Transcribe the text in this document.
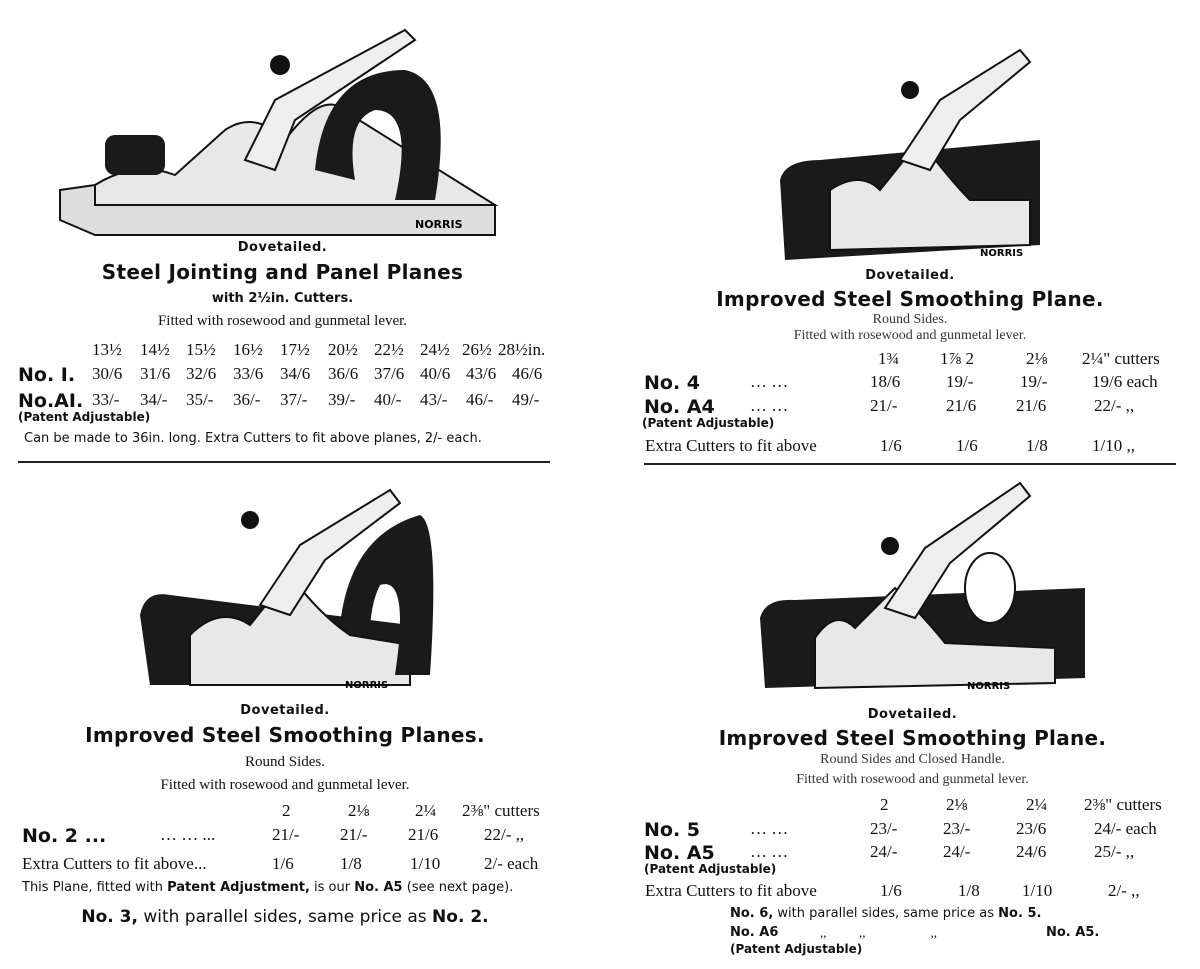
NORRIS
NORRIS
NORRIS	NORRIS
Dovetailed.
Steel Jointing and Panel Planes
with 2½in. Cutters.
Fitted with rosewood and gunmetal lever.
13½ 14½ 15½ 16½ 17½ 20½ 22½ 24½ 26½ 28½in.
No. I. 30/6 31/6 32/6 33/6 34/6 36/6 37/6 40/6 43/6 46/6
No.AI. 33/- 34/- 35/- 36/- 37/- 39/- 40/- 43/- 46/- 49/-
(Patent Adjustable)
Can be made to 36in. long. Extra Cutters to fit above planes, 2/- each.
Dovetailed.
Improved Steel Smoothing Plane.
Round Sides.
Fitted with rosewood and gunmetal lever.
1¾ 1⅞ 2	2⅛ 2¼" cutters
No. 4	… …	18/6	19/-	19/-	19/6 each
No. A4 … …	21/-	21/6 21/6	22/- ,,
(Patent Adjustable)
Extra Cutters to fit above	1/6	1/6	1/8	1/10 ,,
Dovetailed.
Improved Steel Smoothing Planes.
Round Sides.
Fitted with rosewood and gunmetal lever.
2	2⅛	2¼ 2⅜" cutters
No. 2 ...	… … ...	21/- 21/- 21/6	22/- ,,
Extra Cutters to fit above...	1/6	1/8	1/10	2/- each
This Plane, fitted with Patent Adjustment, is our No. A5 (see next page).
No. 3, with parallel sides, same price as No. 2.
Dovetailed.
Improved Steel Smoothing Plane.
Round Sides and Closed Handle.
Fitted with rosewood and gunmetal lever.
2	2⅛	2¼ 2⅜" cutters
No. 5	… …	23/-	23/-	23/6	24/- each
No. A5 … …	24/-	24/-	24/6	25/- ,,
(Patent Adjustable)
Extra Cutters to fit above	1/6	1/8 1/10	2/- ,,
No. 6, with parallel sides, same price as No. 5.
No. A6	,,          ,,                    ,,	No. A5.
(Patent Adjustable)
